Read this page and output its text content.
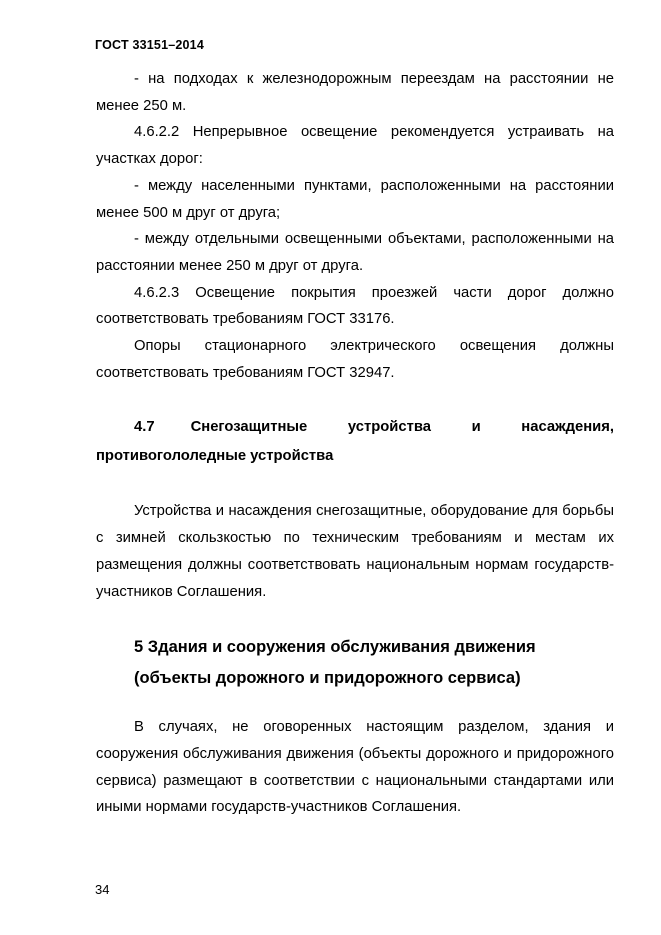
ГОСТ 33151–2014

- на подходах к железнодорожным переездам на расстоянии не менее 250 м.

4.6.2.2 Непрерывное освещение рекомендуется устраивать на участках дорог:

- между населенными пунктами, расположенными на расстоянии менее 500 м друг от друга;

- между отдельными освещенными объектами, расположенными на расстоянии менее 250 м друг от друга.

4.6.2.3 Освещение покрытия проезжей части дорог должно соответствовать требованиям ГОСТ 33176.

Опоры стационарного электрического освещения должны соответствовать требованиям ГОСТ 32947.

4.7 Снегозащитные устройства и насаждения, противогололедные устройства

Устройства и насаждения снегозащитные, оборудование для борьбы с зимней скользкостью по техническим требованиям и местам их размещения должны соответствовать национальным нормам государств-участников Соглашения.

5 Здания и сооружения обслуживания движения
(объекты дорожного и придорожного сервиса)

В случаях, не оговоренных настоящим разделом, здания и сооружения обслуживания движения (объекты дорожного и придорожного сервиса) размещают в соответствии с национальными стандартами или иными нормами государств-участников Соглашения.

34
